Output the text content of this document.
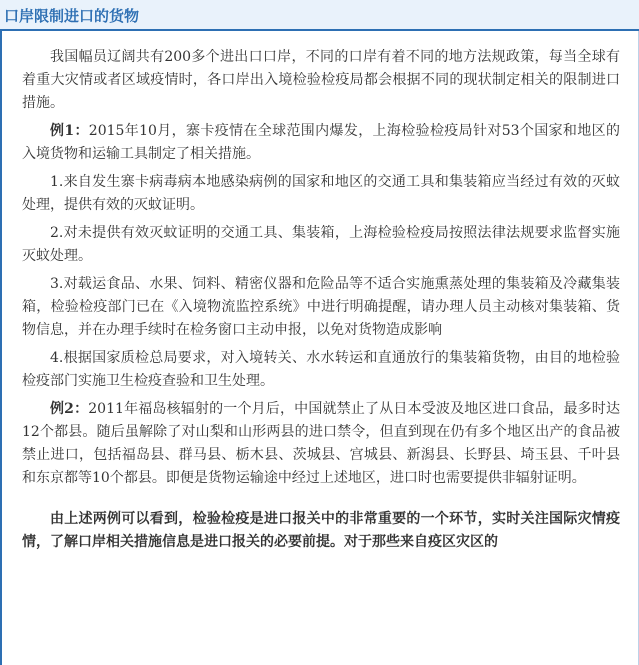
口岸限制进口的货物

我国幅员辽阔共有200多个进出口口岸，不同的口岸有着不同的地方法规政策，每当全球有着重大灾情或者区域疫情时，各口岸出入境检验检疫局都会根据不同的现状制定相关的限制进口措施。

例1：2015年10月，寨卡疫情在全球范围内爆发，上海检验检疫局针对53个国家和地区的入境货物和运输工具制定了相关措施。

1.来自发生寨卡病毒病本地感染病例的国家和地区的交通工具和集装箱应当经过有效的灭蚊处理，提供有效的灭蚊证明。

2.对未提供有效灭蚊证明的交通工具、集装箱，上海检验检疫局按照法律法规要求监督实施灭蚊处理。

3.对载运食品、水果、饲料、精密仪器和危险品等不适合实施熏蒸处理的集装箱及冷藏集装箱，检验检疫部门已在《入境物流监控系统》中进行明确提醒，请办理人员主动核对集装箱、货物信息，并在办理手续时在检务窗口主动申报，以免对货物造成影响

4.根据国家质检总局要求，对入境转关、水水转运和直通放行的集装箱货物，由目的地检验检疫部门实施卫生检疫查验和卫生处理。

例2：2011年福岛核辐射的一个月后，中国就禁止了从日本受波及地区进口食品，最多时达12个都县。随后虽解除了对山梨和山形两县的进口禁令，但直到现在仍有多个地区出产的食品被禁止进口，包括福岛县、群马县、栃木县、茨城县、宫城县、新潟县、长野县、埼玉县、千叶县和东京都等10个都县。即便是货物运输途中经过上述地区，进口时也需要提供非辐射证明。

由上述两例可以看到，检验检疫是进口报关中的非常重要的一个环节，实时关注国际灾情疫情，了解口岸相关措施信息是进口报关的必要前提。对于那些来自疫区灾区的
